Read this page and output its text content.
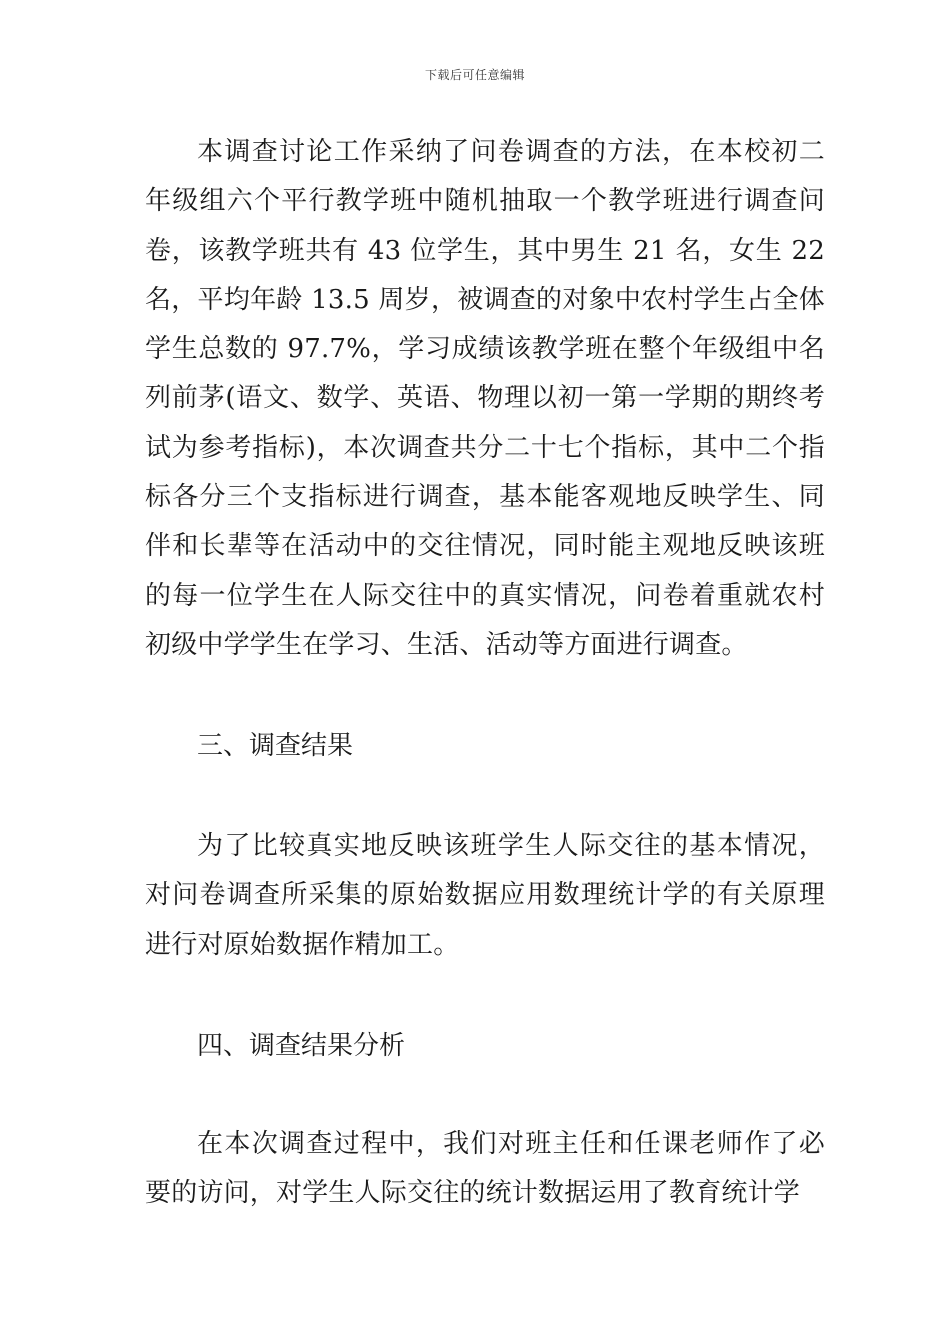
下载后可任意编辑

本调查讨论工作采纳了问卷调查的方法，在本校初二年级组六个平行教学班中随机抽取一个教学班进行调查问卷，该教学班共有 43 位学生，其中男生 21 名，女生 22 名，平均年龄 13.5 周岁，被调查的对象中农村学生占全体学生总数的 97.7%，学习成绩该教学班在整个年级组中名列前茅(语文、数学、英语、物理以初一第一学期的期终考试为参考指标)，本次调查共分二十七个指标，其中二个指标各分三个支指标进行调查，基本能客观地反映学生、同伴和长辈等在活动中的交往情况，同时能主观地反映该班的每一位学生在人际交往中的真实情况，问卷着重就农村初级中学学生在学习、生活、活动等方面进行调查。

三、调查结果

为了比较真实地反映该班学生人际交往的基本情况，对问卷调查所采集的原始数据应用数理统计学的有关原理进行对原始数据作精加工。

四、调查结果分析

在本次调查过程中，我们对班主任和任课老师作了必要的访问，对学生人际交往的统计数据运用了教育统计学
